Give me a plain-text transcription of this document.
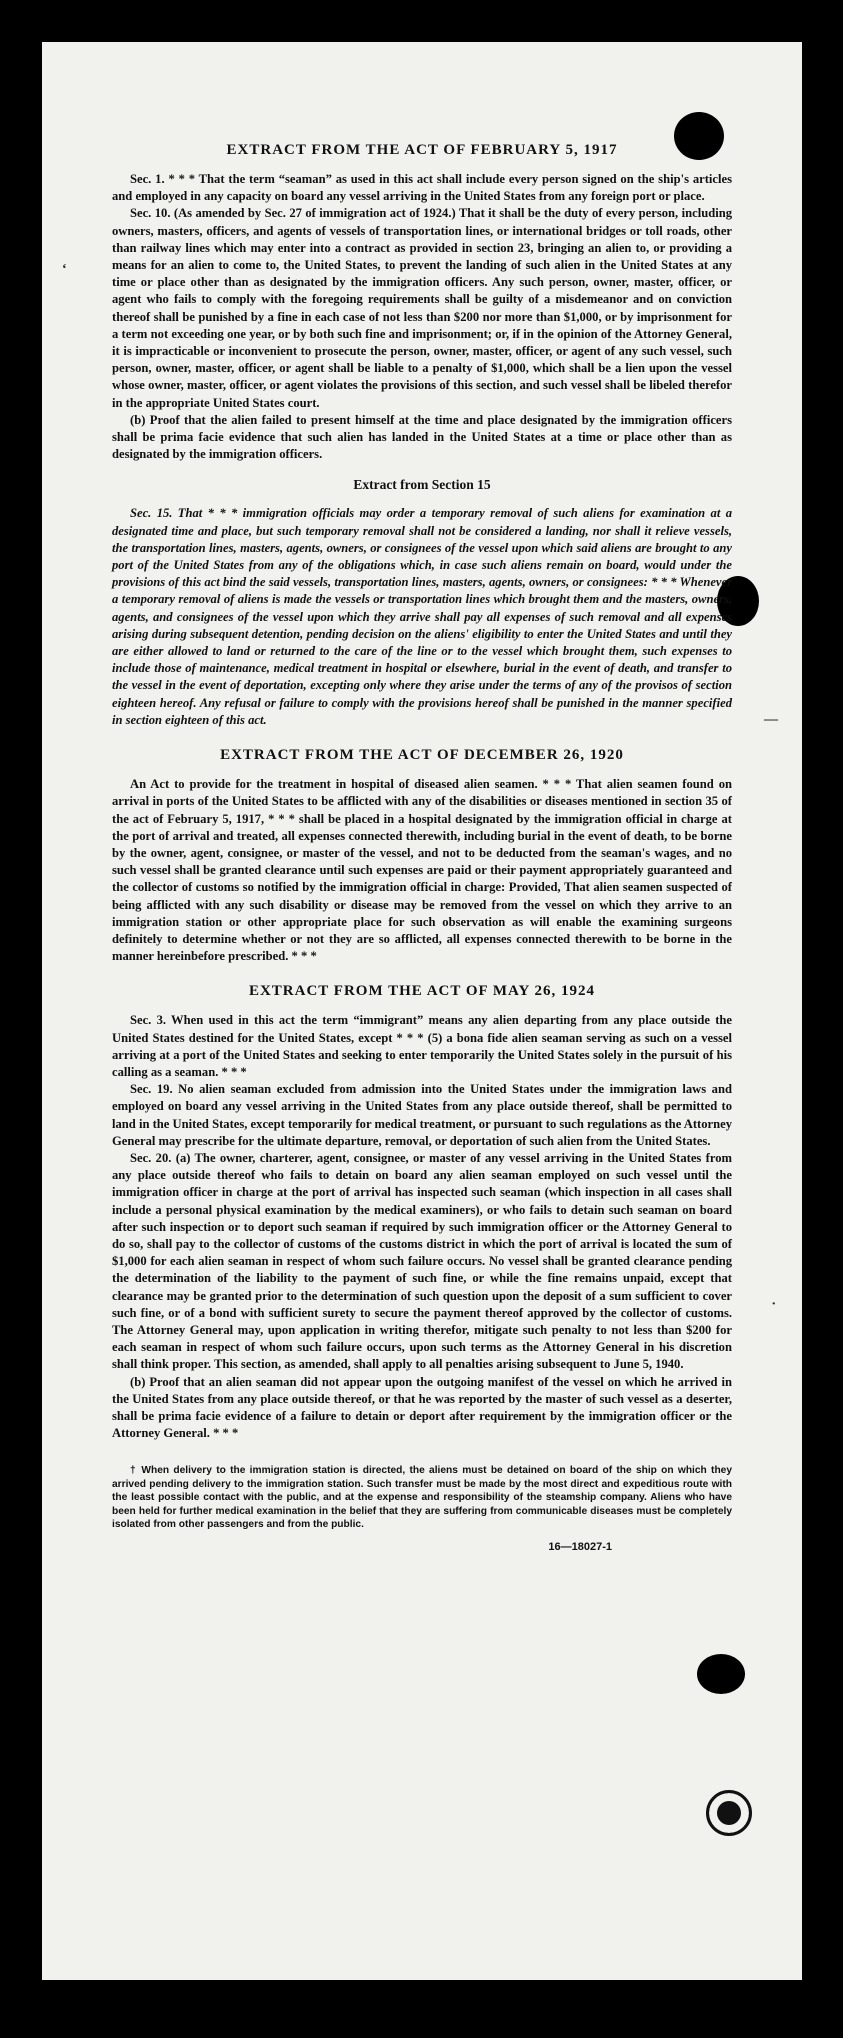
‘
—
∙
EXTRACT FROM THE ACT OF FEBRUARY 5, 1917

Sec. 1. * * * That the term “seaman” as used in this act shall include every person signed on the ship's articles and employed in any capacity on board any vessel arriving in the United States from any foreign port or place.

Sec. 10. (As amended by Sec. 27 of immigration act of 1924.) That it shall be the duty of every person, including owners, masters, officers, and agents of vessels of transportation lines, or international bridges or toll roads, other than railway lines which may enter into a contract as provided in section 23, bringing an alien to, or providing a means for an alien to come to, the United States, to prevent the landing of such alien in the United States at any time or place other than as designated by the immigration officers. Any such person, owner, master, officer, or agent who fails to comply with the foregoing requirements shall be guilty of a misdemeanor and on conviction thereof shall be punished by a fine in each case of not less than $200 nor more than $1,000, or by imprisonment for a term not exceeding one year, or by both such fine and imprisonment; or, if in the opinion of the Attorney General, it is impracticable or inconvenient to prosecute the person, owner, master, officer, or agent of any such vessel, such person, owner, master, officer, or agent shall be liable to a penalty of $1,000, which shall be a lien upon the vessel whose owner, master, officer, or agent violates the provisions of this section, and such vessel shall be libeled therefor in the appropriate United States court.

(b) Proof that the alien failed to present himself at the time and place designated by the immigration officers shall be prima facie evidence that such alien has landed in the United States at a time or place other than as designated by the immigration officers.

Extract from Section 15

Sec. 15. That * * * immigration officials may order a temporary removal of such aliens for examination at a designated time and place, but such temporary removal shall not be considered a landing, nor shall it relieve vessels, the transportation lines, masters, agents, owners, or consignees of the vessel upon which said aliens are brought to any port of the United States from any of the obligations which, in case such aliens remain on board, would under the provisions of this act bind the said vessels, transportation lines, masters, agents, owners, or consignees: * * * Whenever a temporary removal of aliens is made the vessels or transportation lines which brought them and the masters, owners, agents, and consignees of the vessel upon which they arrive shall pay all expenses of such removal and all expenses arising during subsequent detention, pending decision on the aliens' eligibility to enter the United States and until they are either allowed to land or returned to the care of the line or to the vessel which brought them, such expenses to include those of maintenance, medical treatment in hospital or elsewhere, burial in the event of death, and transfer to the vessel in the event of deportation, excepting only where they arise under the terms of any of the provisos of section eighteen hereof. Any refusal or failure to comply with the provisions hereof shall be punished in the manner specified in section eighteen of this act.

EXTRACT FROM THE ACT OF DECEMBER 26, 1920

An Act to provide for the treatment in hospital of diseased alien seamen. * * * That alien seamen found on arrival in ports of the United States to be afflicted with any of the disabilities or diseases mentioned in section 35 of the act of February 5, 1917, * * * shall be placed in a hospital designated by the immigration official in charge at the port of arrival and treated, all expenses connected therewith, including burial in the event of death, to be borne by the owner, agent, consignee, or master of the vessel, and not to be deducted from the seaman's wages, and no such vessel shall be granted clearance until such expenses are paid or their payment appropriately guaranteed and the collector of customs so notified by the immigration official in charge: Provided, That alien seamen suspected of being afflicted with any such disability or disease may be removed from the vessel on which they arrive to an immigration station or other appropriate place for such observation as will enable the examining surgeons definitely to determine whether or not they are so afflicted, all expenses connected therewith to be borne in the manner hereinbefore prescribed. * * *

EXTRACT FROM THE ACT OF MAY 26, 1924

Sec. 3. When used in this act the term “immigrant” means any alien departing from any place outside the United States destined for the United States, except * * * (5) a bona fide alien seaman serving as such on a vessel arriving at a port of the United States and seeking to enter temporarily the United States solely in the pursuit of his calling as a seaman. * * *

Sec. 19. No alien seaman excluded from admission into the United States under the immigration laws and employed on board any vessel arriving in the United States from any place outside thereof, shall be permitted to land in the United States, except temporarily for medical treatment, or pursuant to such regulations as the Attorney General may prescribe for the ultimate departure, removal, or deportation of such alien from the United States.

Sec. 20. (a) The owner, charterer, agent, consignee, or master of any vessel arriving in the United States from any place outside thereof who fails to detain on board any alien seaman employed on such vessel until the immigration officer in charge at the port of arrival has inspected such seaman (which inspection in all cases shall include a personal physical examination by the medical examiners), or who fails to detain such seaman on board after such inspection or to deport such seaman if required by such immigration officer or the Attorney General to do so, shall pay to the collector of customs of the customs district in which the port of arrival is located the sum of $1,000 for each alien seaman in respect of whom such failure occurs. No vessel shall be granted clearance pending the determination of the liability to the payment of such fine, or while the fine remains unpaid, except that clearance may be granted prior to the determination of such question upon the deposit of a sum sufficient to cover such fine, or of a bond with sufficient surety to secure the payment thereof approved by the collector of customs. The Attorney General may, upon application in writing therefor, mitigate such penalty to not less than $200 for each seaman in respect of whom such failure occurs, upon such terms as the Attorney General in his discretion shall think proper. This section, as amended, shall apply to all penalties arising subsequent to June 5, 1940.

(b) Proof that an alien seaman did not appear upon the outgoing manifest of the vessel on which he arrived in the United States from any place outside thereof, or that he was reported by the master of such vessel as a deserter, shall be prima facie evidence of a failure to detain or deport after requirement by the immigration officer or the Attorney General. * * *

† When delivery to the immigration station is directed, the aliens must be detained on board of the ship on which they arrived pending delivery to the immigration station. Such transfer must be made by the most direct and expeditious route with the least possible contact with the public, and at the expense and responsibility of the steamship company. Aliens who have been held for further medical examination in the belief that they are suffering from communicable diseases must be completely isolated from other passengers and from the public.
16—18027-1
